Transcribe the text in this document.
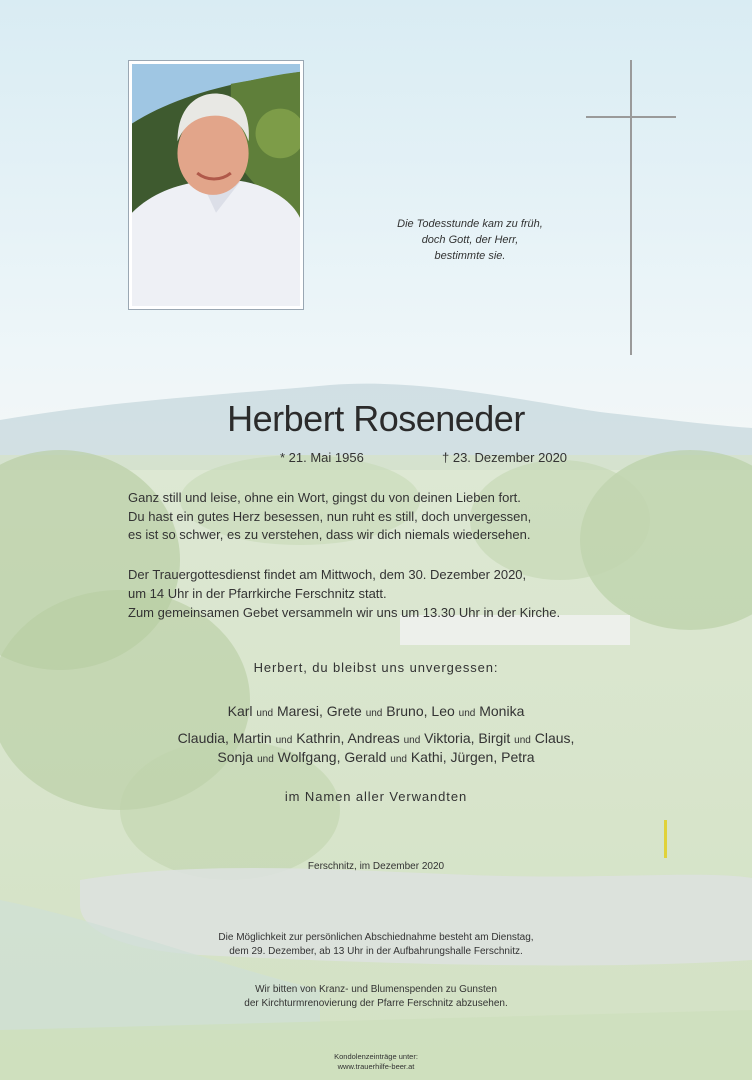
Die Todesstunde kam zu früh,
doch Gott, der Herr,
bestimmte sie.
Herbert Roseneder
* 21. Mai 1956	† 23. Dezember 2020
Ganz still und leise, ohne ein Wort, gingst du von deinen Lieben fort.
Du hast ein gutes Herz besessen, nun ruht es still, doch unvergessen,
es ist so schwer, es zu verstehen, dass wir dich niemals wiedersehen.
Der Trauergottesdienst findet am Mittwoch, dem 30. Dezember 2020,
um 14 Uhr in der Pfarrkirche Ferschnitz statt.
Zum gemeinsamen Gebet versammeln wir uns um 13.30 Uhr in der Kirche.
Herbert, du bleibst uns unvergessen:
Karl und Maresi, Grete und Bruno, Leo und Monika
Claudia, Martin und Kathrin, Andreas und Viktoria, Birgit und Claus,
Sonja und Wolfgang, Gerald und Kathi, Jürgen, Petra
im Namen aller Verwandten
Ferschnitz, im Dezember 2020
Die Möglichkeit zur persönlichen Abschiednahme besteht am Dienstag,
dem 29. Dezember, ab 13 Uhr in der Aufbahrungshalle Ferschnitz.
Wir bitten von Kranz- und Blumenspenden zu Gunsten
der Kirchturmrenovierung der Pfarre Ferschnitz abzusehen.
Kondolenzeinträge unter:
www.trauerhilfe-beer.at
